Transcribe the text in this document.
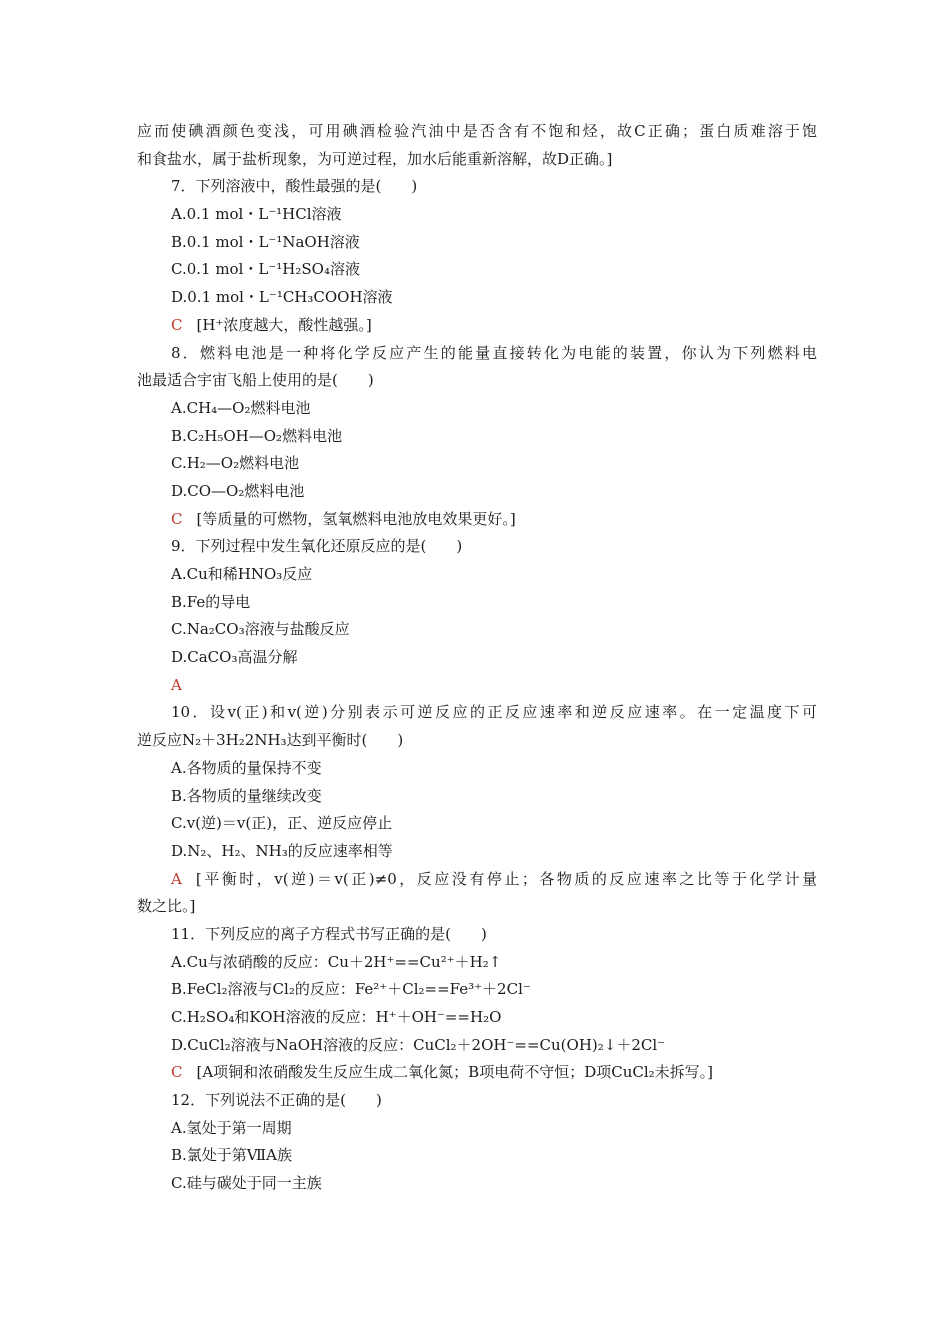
应而使碘酒颜色变浅，可用碘酒检验汽油中是否含有不饱和烃，故C正确；蛋白质难溶于饱
和食盐水，属于盐析现象，为可逆过程，加水后能重新溶解，故D正确。]
7．下列溶液中，酸性最强的是(　　)
A.0.1 mol・L⁻¹HCl溶液
B.0.1 mol・L⁻¹NaOH溶液
C.0.1 mol・L⁻¹H₂SO₄溶液
D.0.1 mol・L⁻¹CH₃COOH溶液
C [H⁺浓度越大，酸性越强。]
8．燃料电池是一种将化学反应产生的能量直接转化为电能的装置，你认为下列燃料电
池最适合宇宙飞船上使用的是(　　)
A.CH₄—O₂燃料电池
B.C₂H₅OH—O₂燃料电池
C.H₂—O₂燃料电池
D.CO—O₂燃料电池
C [等质量的可燃物，氢氧燃料电池放电效果更好。]
9．下列过程中发生氧化还原反应的是(　　)
A.Cu和稀HNO₃反应
B.Fe的导电
C.Na₂CO₃溶液与盐酸反应
D.CaCO₃高温分解
A
10．设v(正)和v(逆)分别表示可逆反应的正反应速率和逆反应速率。在一定温度下可
逆反应N₂＋3H₂2NH₃达到平衡时(　　)
A.各物质的量保持不变
B.各物质的量继续改变
C.v(逆)＝v(正)，正、逆反应停止
D.N₂、H₂、NH₃的反应速率相等
A [平衡时，v(逆)＝v(正)≠0，反应没有停止；各物质的反应速率之比等于化学计量
数之比。]
11．下列反应的离子方程式书写正确的是(　　)
A.Cu与浓硝酸的反应：Cu＋2H⁺==Cu²⁺＋H₂↑
B.FeCl₂溶液与Cl₂的反应：Fe²⁺＋Cl₂==Fe³⁺＋2Cl⁻
C.H₂SO₄和KOH溶液的反应：H⁺＋OH⁻==H₂O
D.CuCl₂溶液与NaOH溶液的反应：CuCl₂＋2OH⁻==Cu(OH)₂↓＋2Cl⁻
C [A项铜和浓硝酸发生反应生成二氧化氮；B项电荷不守恒；D项CuCl₂未拆写。]
12．下列说法不正确的是(　　)
A.氢处于第一周期
B.氯处于第ⅦA族
C.硅与碳处于同一主族
